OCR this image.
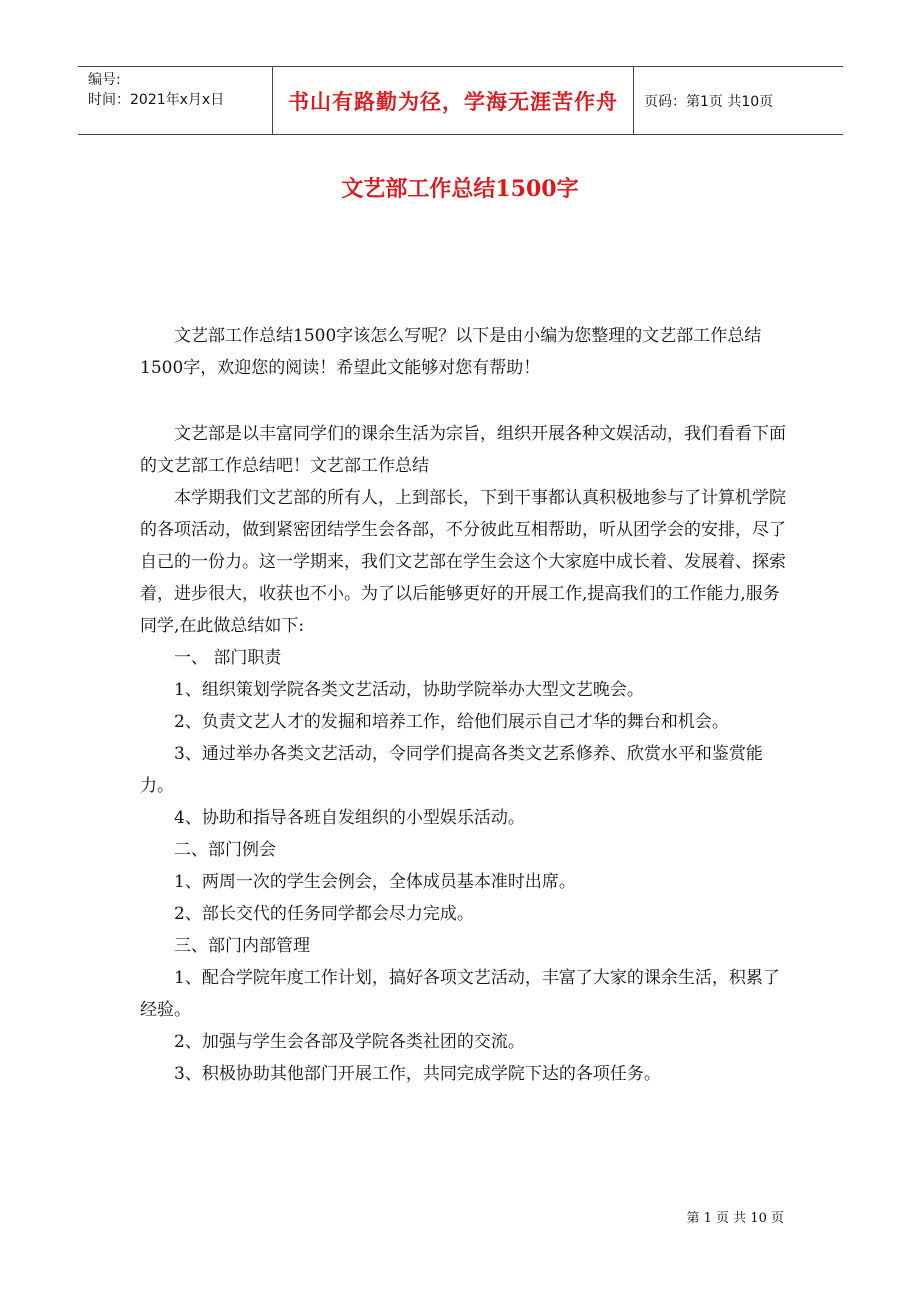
编号:
时间：2021年x月x日	书山有路勤为径，学海无涯苦作舟 页码：第1页 共10页
文艺部工作总结1500字

文艺部工作总结1500字该怎么写呢？以下是由小编为您整理的文艺部工作总结1500字，欢迎您的阅读！希望此文能够对您有帮助！

文艺部是以丰富同学们的课余生活为宗旨，组织开展各种文娱活动，我们看看下面的文艺部工作总结吧！文艺部工作总结

本学期我们文艺部的所有人，上到部长，下到干事都认真积极地参与了计算机学院的各项活动，做到紧密团结学生会各部，不分彼此互相帮助，听从团学会的安排，尽了自己的一份力。这一学期来，我们文艺部在学生会这个大家庭中成长着、发展着、探索着，进步很大，收获也不小。为了以后能够更好的开展工作,提高我们的工作能力,服务同学,在此做总结如下:

一、 部门职责

1、组织策划学院各类文艺活动，协助学院举办大型文艺晚会。

2、负责文艺人才的发掘和培养工作，给他们展示自己才华的舞台和机会。

3、通过举办各类文艺活动，令同学们提高各类文艺系修养、欣赏水平和鉴赏能力。

4、协助和指导各班自发组织的小型娱乐活动。

二、部门例会

1、两周一次的学生会例会，全体成员基本准时出席。

2、部长交代的任务同学都会尽力完成。

三、部门内部管理

1、配合学院年度工作计划，搞好各项文艺活动，丰富了大家的课余生活，积累了经验。

2、加强与学生会各部及学院各类社团的交流。

3、积极协助其他部门开展工作，共同完成学院下达的各项任务。

第 1 页 共 10 页
